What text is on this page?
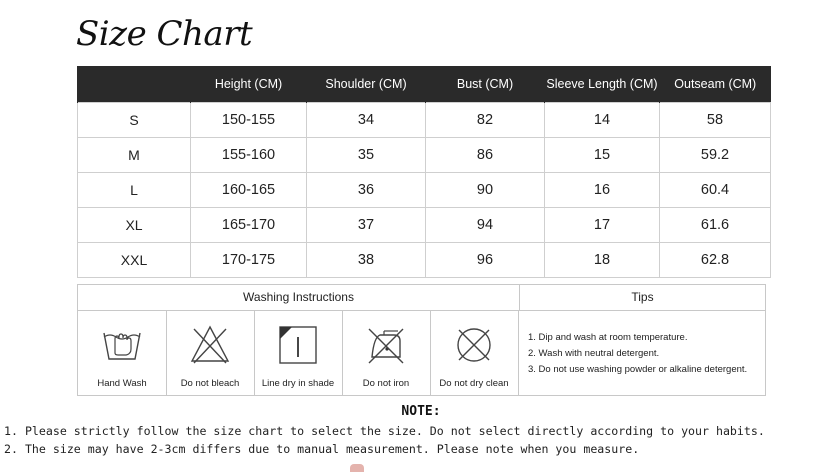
Size Chart
	Height (CM)	Shoulder (CM)	Bust (CM)	Sleeve Length (CM)	Outseam (CM)
S	150-155	34	82	14	58
M	155-160	35	86	15	59.2
L	160-165	36	90	16	60.4
XL	165-170	37	94	17	61.6
XXL	170-175	38	96	18	62.8
Washing Instructions	Tips
Hand Wash	Do not bleach	Line dry in shade	Do not iron	Do not dry clean
1. Dip and wash at room temperature.
2. Wash with neutral detergent.
3. Do not use washing powder or alkaline detergent.
NOTE:
1. Please strictly follow the size chart to select the size. Do not select directly according to your habits.
2. The size may have 2-3cm differs due to manual measurement. Please note when you measure.
